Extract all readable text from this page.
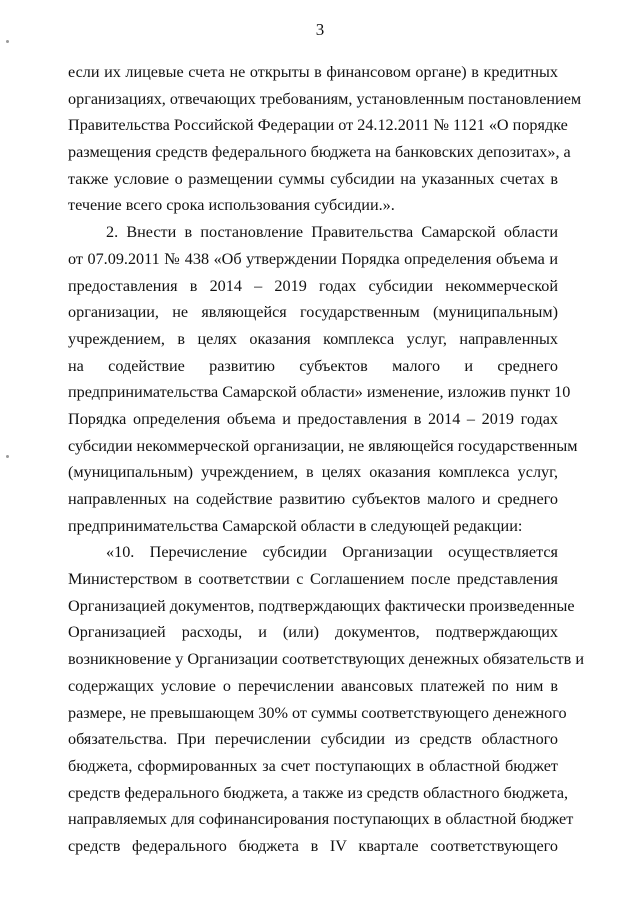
3
если их лицевые счета не открыты в финансовом органе) в кредитных
организациях, отвечающих требованиям, установленным постановлением
Правительства Российской Федерации от 24.12.2011 № 1121 «О порядке
размещения средств федерального бюджета на банковских депозитах», а
также условие о размещении суммы субсидии на указанных счетах в
течение всего срока использования субсидии.».
2. Внести в постановление Правительства Самарской области
от 07.09.2011 № 438 «Об утверждении Порядка определения объема и
предоставления в 2014 – 2019 годах субсидии некоммерческой
организации, не являющейся государственным (муниципальным)
учреждением, в целях оказания комплекса услуг, направленных
на содействие развитию субъектов малого и среднего
предпринимательства Самарской области» изменение, изложив пункт 10
Порядка определения объема и предоставления в 2014 – 2019 годах
субсидии некоммерческой организации, не являющейся государственным
(муниципальным) учреждением, в целях оказания комплекса услуг,
направленных на содействие развитию субъектов малого и среднего
предпринимательства Самарской области в следующей редакции:
«10. Перечисление субсидии Организации осуществляется
Министерством в соответствии с Соглашением после представления
Организацией документов, подтверждающих фактически произведенные
Организацией расходы, и (или) документов, подтверждающих
возникновение у Организации соответствующих денежных обязательств и
содержащих условие о перечислении авансовых платежей по ним в
размере, не превышающем 30% от суммы соответствующего денежного
обязательства. При перечислении субсидии из средств областного
бюджета, сформированных за счет поступающих в областной бюджет
средств федерального бюджета, а также из средств областного бюджета,
направляемых для софинансирования поступающих в областной бюджет
средств федерального бюджета в IV квартале соответствующего
